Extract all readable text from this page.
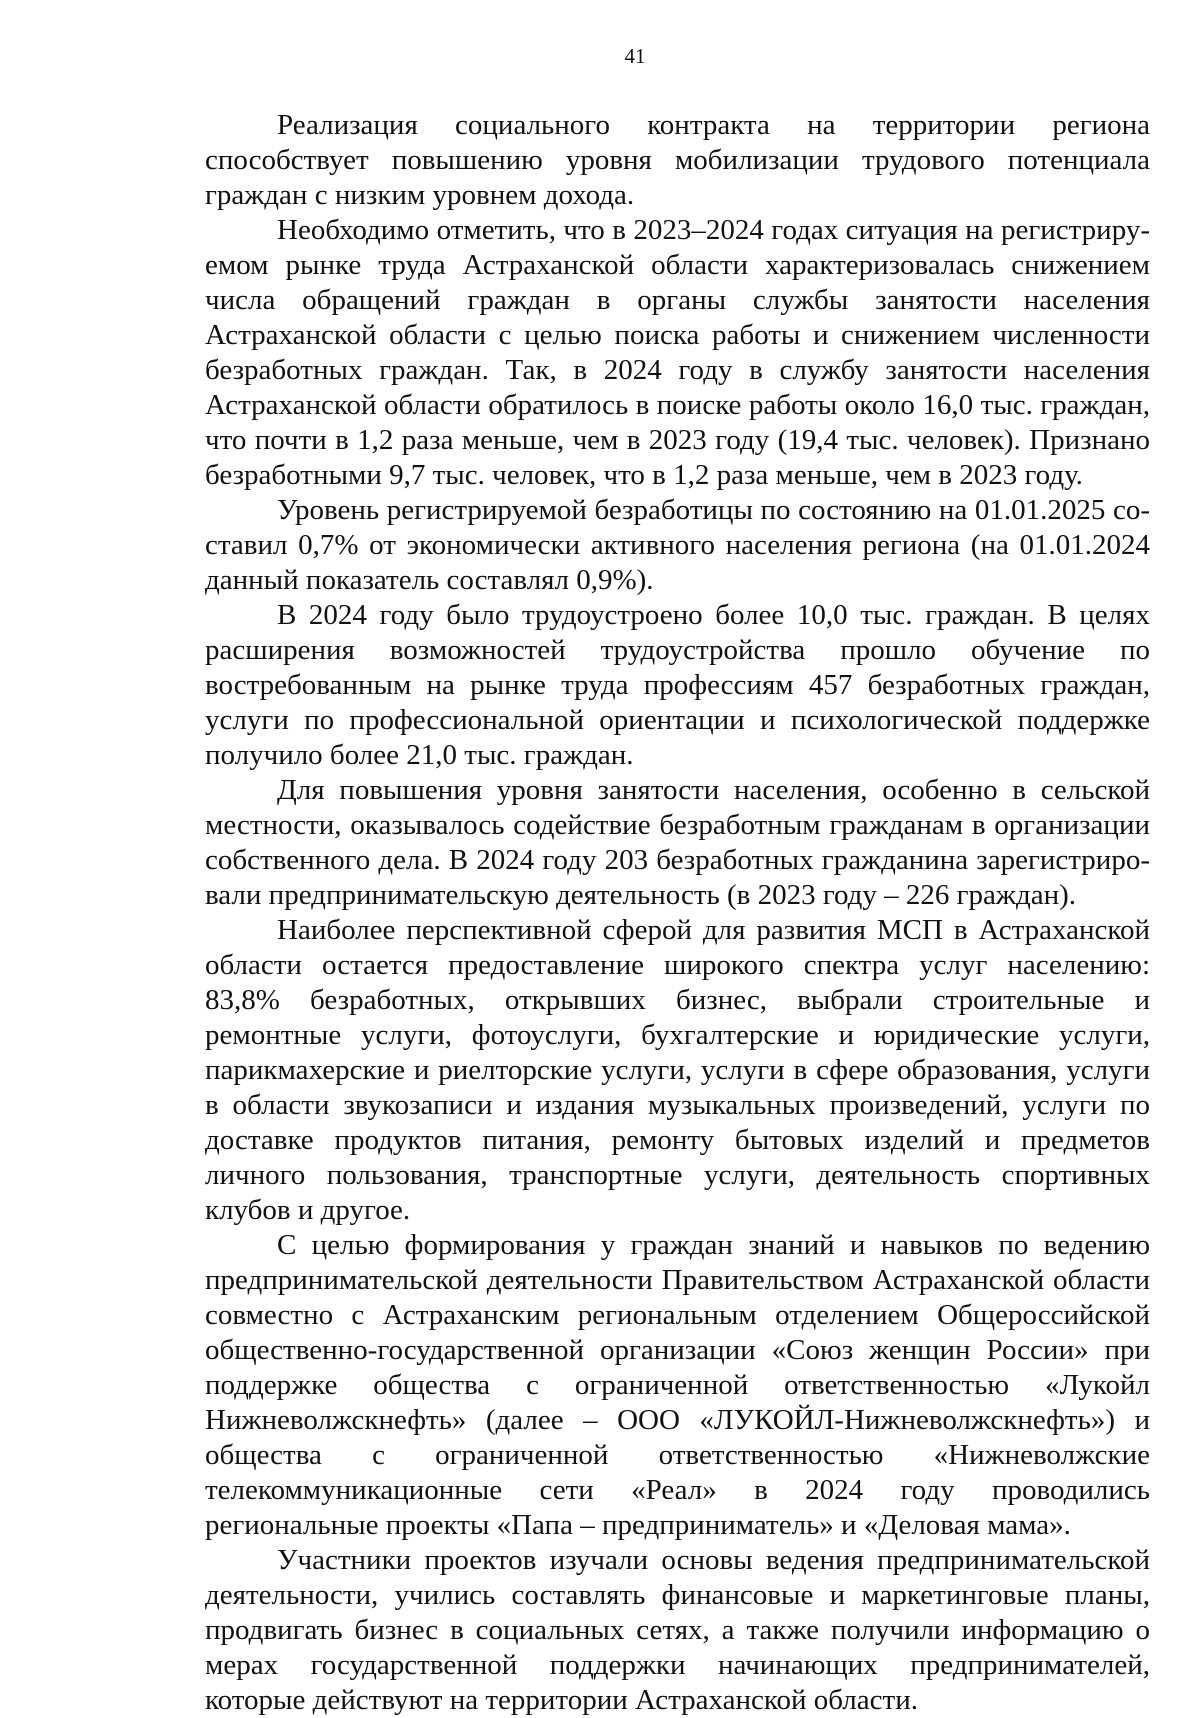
41

Реализация социального контракта на территории региона способствует повышению уровня мобилизации трудового потенциала граждан с низким уровнем дохода.

Необходимо отметить, что в 2023–2024 годах ситуация на регистрируемом рынке труда Астраханской области характеризовалась снижением числа обращений граждан в органы службы занятости населения Астраханской области с целью поиска работы и снижением численности безработных граждан. Так, в 2024 году в службу занятости населения Астраханской области обратилось в поиске работы около 16,0 тыс. граждан, что почти в 1,2 раза меньше, чем в 2023 году (19,4 тыс. человек). Признано безработными 9,7 тыс. человек, что в 1,2 раза меньше, чем в 2023 году.

Уровень регистрируемой безработицы по состоянию на 01.01.2025 составил 0,7% от экономически активного населения региона (на 01.01.2024 данный показатель составлял 0,9%).

В 2024 году было трудоустроено более 10,0 тыс. граждан. В целях расширения возможностей трудоустройства прошло обучение по востребованным на рынке труда профессиям 457 безработных граждан, услуги по профессиональной ориентации и психологической поддержке получило более 21,0 тыс. граждан.

Для повышения уровня занятости населения, особенно в сельской местности, оказывалось содействие безработным гражданам в организации собственного дела. В 2024 году 203 безработных гражданина зарегистрировали предпринимательскую деятельность (в 2023 году – 226 граждан).

Наиболее перспективной сферой для развития МСП в Астраханской области остается предоставление широкого спектра услуг населению: 83,8% безработных, открывших бизнес, выбрали строительные и ремонтные услуги, фотоуслуги, бухгалтерские и юридические услуги, парикмахерские и риелторские услуги, услуги в сфере образования, услуги в области звукозаписи и издания музыкальных произведений, услуги по доставке продуктов питания, ремонту бытовых изделий и предметов личного пользования, транспортные услуги, деятельность спортивных клубов и другое.

С целью формирования у граждан знаний и навыков по ведению предпринимательской деятельности Правительством Астраханской области совместно с Астраханским региональным отделением Общероссийской общественно-государственной организации «Союз женщин России» при поддержке общества с ограниченной ответственностью «Лукойл Нижневолжскнефть» (далее – ООО «ЛУКОЙЛ-Нижневолжскнефть») и общества с ограниченной ответственностью «Нижневолжские телекоммуникационные сети «Реал» в 2024 году проводились региональные проекты «Папа – предприниматель» и «Деловая мама».

Участники проектов изучали основы ведения предпринимательской деятельности, учились составлять финансовые и маркетинговые планы, продвигать бизнес в социальных сетях, а также получили информацию о мерах государственной поддержки начинающих предпринимателей, которые действуют на территории Астраханской области.
